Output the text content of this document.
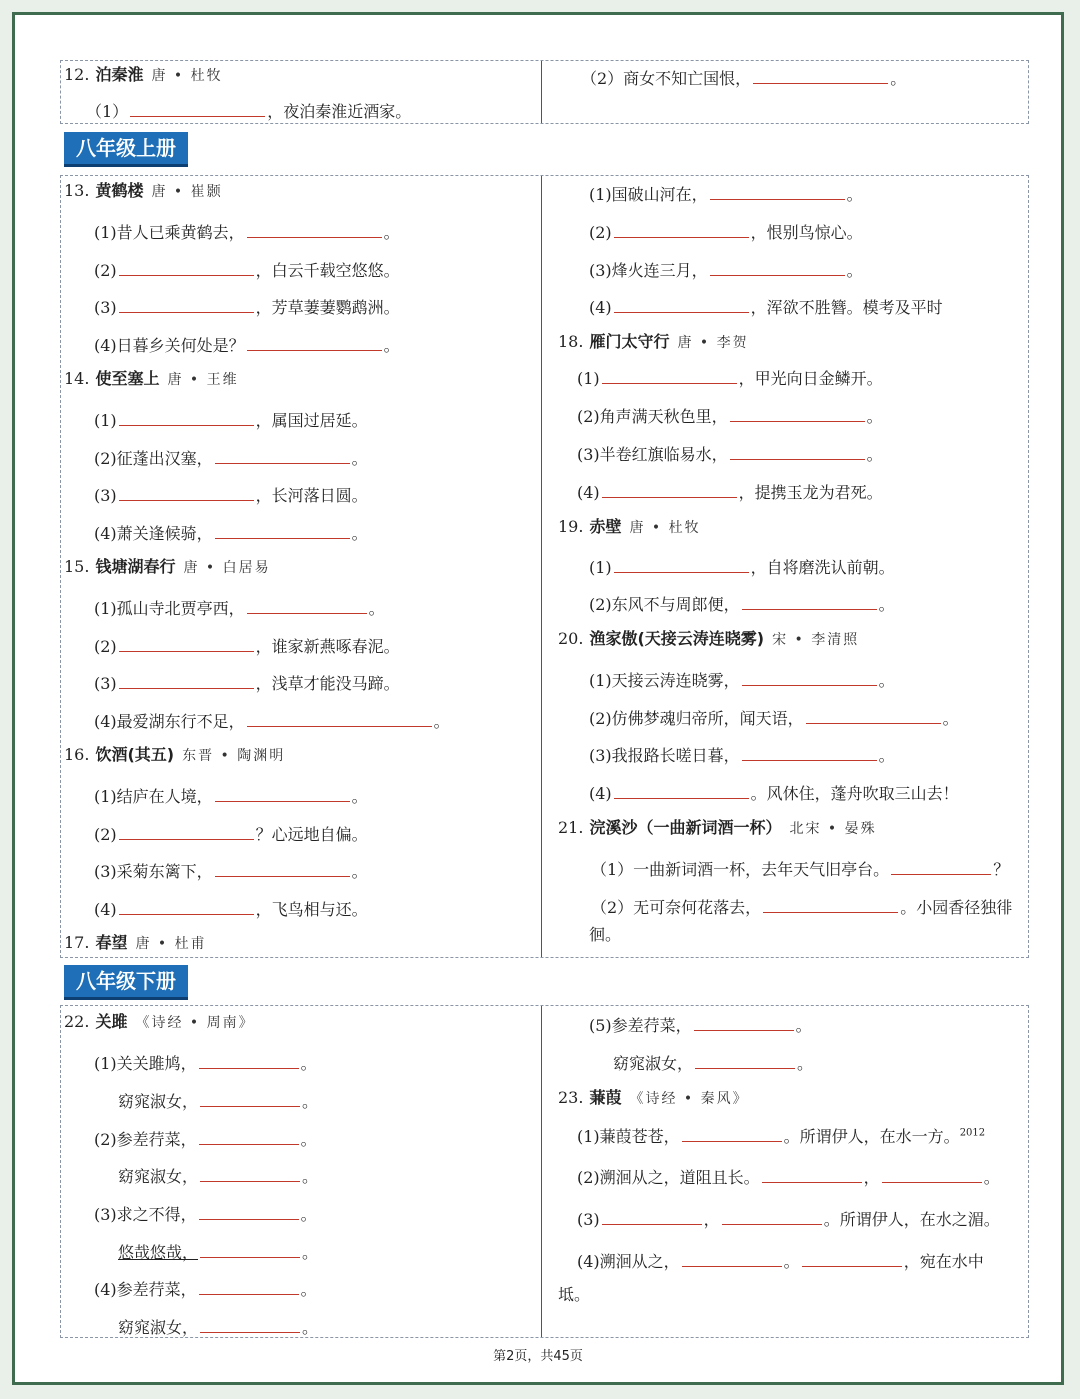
12. 泊秦淮 唐 • 杜牧
（1）	，夜泊秦淮近酒家。
（2）商女不知亡国恨，	。
八年级上册
13. 黄鹤楼 唐 • 崔颢
(1)昔人已乘黄鹤去，	。
(2)	，白云千载空悠悠。
(3)	，芳草萋萋鹦鹉洲。
(4)日暮乡关何处是？	。
14. 使至塞上 唐 • 王维
(1)	，属国过居延。
(2)征蓬出汉塞，	。
(3)	，长河落日圆。
(4)萧关逢候骑，	。
15. 钱塘湖春行 唐 • 白居易
(1)孤山寺北贾亭西，	。
(2)	，谁家新燕啄春泥。
(3)	，浅草才能没马蹄。
(4)最爱湖东行不足，	。
16. 饮酒(其五) 东晋 • 陶渊明
(1)结庐在人境，	。
(2)	？心远地自偏。
(3)采菊东篱下，	。
(4)	，飞鸟相与还。
17. 春望 唐 • 杜甫
(1)国破山河在，	。
(2)	，恨别鸟惊心。
(3)烽火连三月，	。
(4)	，浑欲不胜簪。模考及平时
18. 雁门太守行 唐 • 李贺
(1)	，甲光向日金鳞开。
(2)角声满天秋色里，	。
(3)半卷红旗临易水，	。
(4)	，提携玉龙为君死。
19. 赤壁 唐 • 杜牧
(1)	，自将磨洗认前朝。
(2)东风不与周郎便，	。
20. 渔家傲(天接云涛连晓雾) 宋 • 李清照
(1)天接云涛连晓雾，	。
(2)仿佛梦魂归帝所，闻天语，	。
(3)我报路长嗟日暮，	。
(4)	。风休住，蓬舟吹取三山去！
21. 浣溪沙（一曲新词酒一杯） 北宋 • 晏殊
（1）一曲新词酒一杯，去年天气旧亭台。	？
（2）无可奈何花落去，	。小园香径独徘
徊。
八年级下册
22. 关雎 《诗经 • 周南》
(1)关关雎鸠，	。
窈窕淑女，	。
(2)参差荇菜，	。
窈窕淑女，	。
(3)求之不得，	。
悠哉悠哉，	。
(4)参差荇菜，	。
窈窕淑女，	。
(5)参差荇菜，	。
窈窕淑女，	。
23. 蒹葭 《诗经 • 秦风》
(1)蒹葭苍苍，	。所谓伊人，在水一方。$^{2012}$
(2)溯洄从之，道阻且长。	，	。
(3)	，	。所谓伊人，在水之湄。
(4)溯洄从之，	。	，宛在水中
坻。
第2页，共45页
